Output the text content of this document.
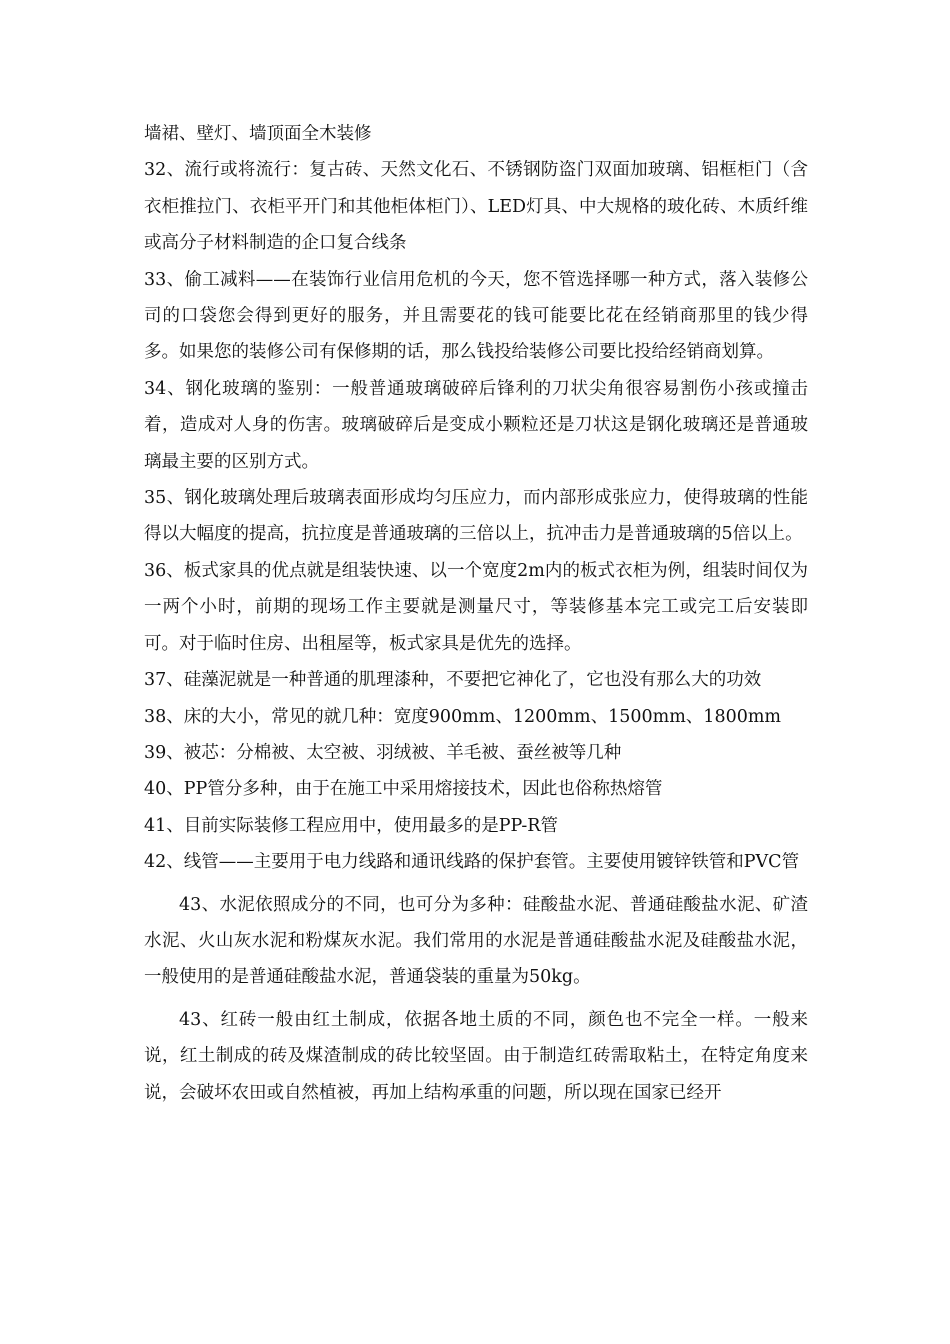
墙裙、壁灯、墙顶面全木装修

32、流行或将流行：复古砖、天然文化石、不锈钢防盗门双面加玻璃、铝框柜门（含衣柜推拉门、衣柜平开门和其他柜体柜门）、LED灯具、中大规格的玻化砖、木质纤维或高分子材料制造的企口复合线条

33、偷工减料——在装饰行业信用危机的今天，您不管选择哪一种方式，落入装修公司的口袋您会得到更好的服务，并且需要花的钱可能要比花在经销商那里的钱少得多。如果您的装修公司有保修期的话，那么钱投给装修公司要比投给经销商划算。

34、钢化玻璃的鉴别：一般普通玻璃破碎后锋利的刀状尖角很容易割伤小孩或撞击着，造成对人身的伤害。玻璃破碎后是变成小颗粒还是刀状这是钢化玻璃还是普通玻璃最主要的区别方式。

35、钢化玻璃处理后玻璃表面形成均匀压应力，而内部形成张应力，使得玻璃的性能得以大幅度的提高，抗拉度是普通玻璃的三倍以上，抗冲击力是普通玻璃的5倍以上。

36、板式家具的优点就是组装快速、以一个宽度2m内的板式衣柜为例，组装时间仅为一两个小时，前期的现场工作主要就是测量尺寸，等装修基本完工或完工后安装即可。对于临时住房、出租屋等，板式家具是优先的选择。

37、硅藻泥就是一种普通的肌理漆种，不要把它神化了，它也没有那么大的功效

38、床的大小，常见的就几种：宽度900mm、1200mm、1500mm、1800mm

39、被芯：分棉被、太空被、羽绒被、羊毛被、蚕丝被等几种

40、PP管分多种，由于在施工中采用熔接技术，因此也俗称热熔管

41、目前实际装修工程应用中，使用最多的是PP-R管

42、线管——主要用于电力线路和通讯线路的保护套管。主要使用镀锌铁管和PVC管

43、水泥依照成分的不同，也可分为多种：硅酸盐水泥、普通硅酸盐水泥、矿渣水泥、火山灰水泥和粉煤灰水泥。我们常用的水泥是普通硅酸盐水泥及硅酸盐水泥，一般使用的是普通硅酸盐水泥，普通袋装的重量为50kg。

43、红砖一般由红土制成，依据各地土质的不同，颜色也不完全一样。一般来说，红土制成的砖及煤渣制成的砖比较坚固。由于制造红砖需取粘土，在特定角度来说，会破坏农田或自然植被，再加上结构承重的问题，所以现在国家已经开
